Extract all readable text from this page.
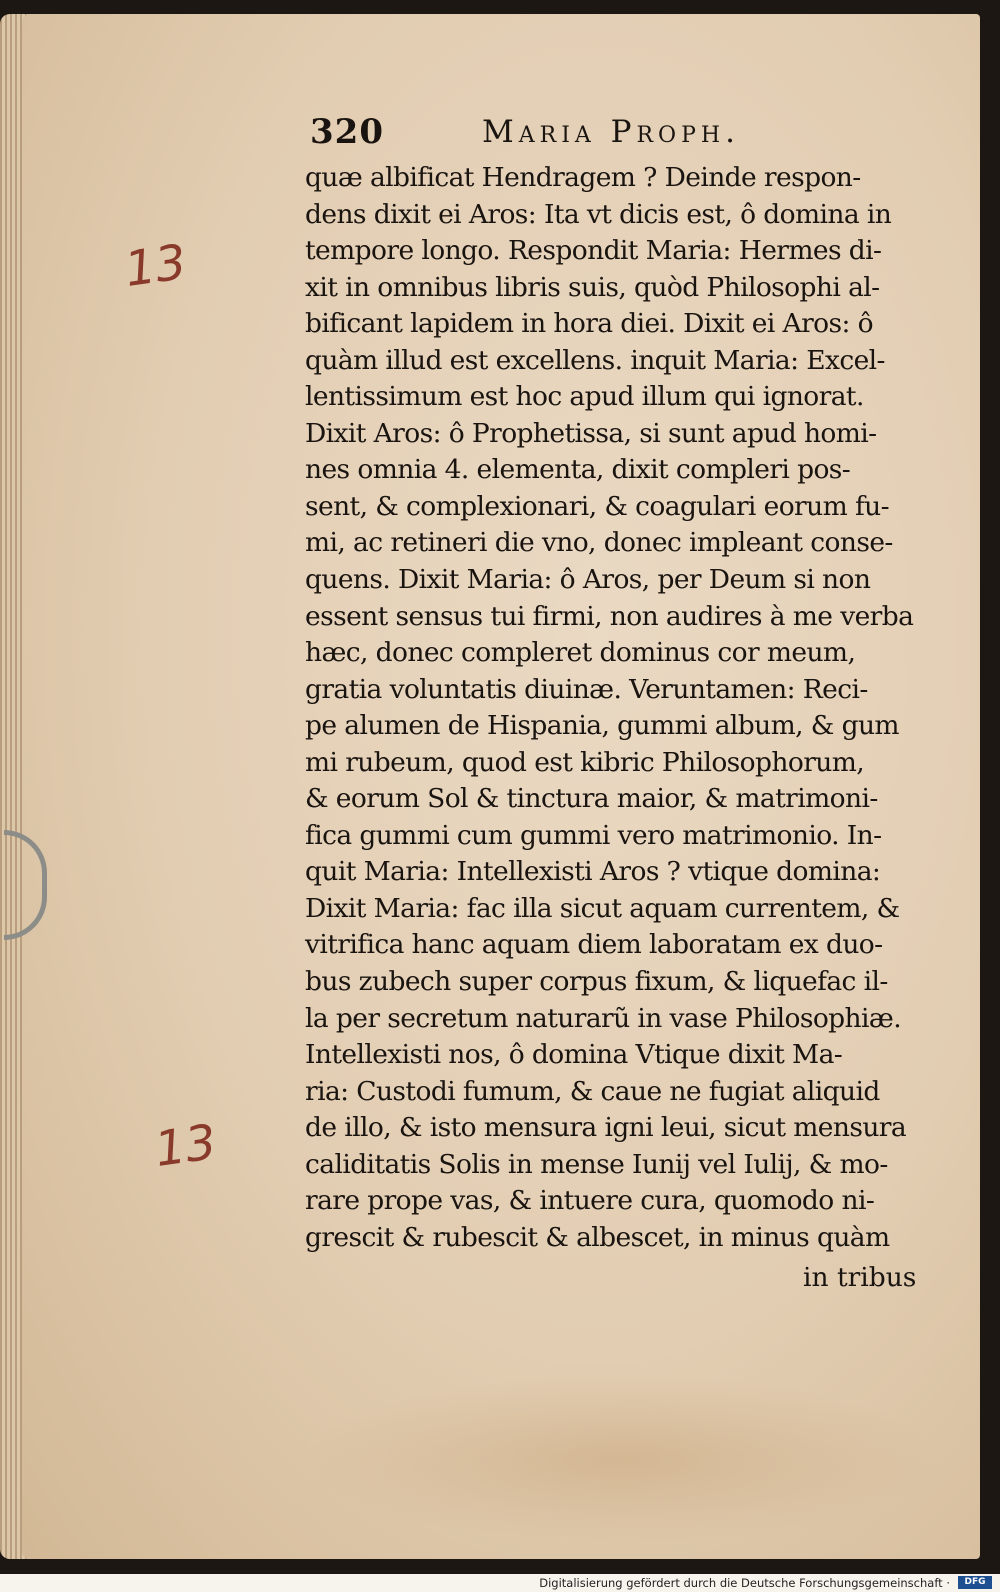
320	Maria Proph.
13
13
quæ albificat Hendragem ? Deinde respon-
dens dixit ei Aros: Ita vt dicis est, ô domina in
tempore longo. Respondit Maria: Hermes di-
xit in omnibus libris suis, quòd Philosophi al-
bificant lapidem in hora diei. Dixit ei Aros: ô
quàm illud est excellens. inquit Maria: Excel-
lentissimum est hoc apud illum qui ignorat.
Dixit Aros: ô Prophetissa, si sunt apud homi-
nes omnia 4. elementa, dixit compleri pos-
sent, & complexionari, & coagulari eorum fu-
mi, ac retineri die vno, donec impleant conse-
quens. Dixit Maria: ô Aros, per Deum si non
essent sensus tui firmi, non audires à me verba
hæc, donec compleret dominus cor meum,
gratia voluntatis diuinæ. Veruntamen: Reci-
pe alumen de Hispania, gummi album, & gum
mi rubeum, quod est kibric Philosophorum,
& eorum Sol & tinctura maior, & matrimoni-
fica gummi cum gummi vero matrimonio. In-
quit Maria: Intellexisti Aros ? vtique domina:
Dixit Maria: fac illa sicut aquam currentem, &
vitrifica hanc aquam diem laboratam ex duo-
bus zubech super corpus fixum, & liquefac il-
la per secretum naturarũ in vase Philosophiæ.
Intellexisti nos, ô domina Vtique dixit Ma-
ria: Custodi fumum, & caue ne fugiat aliquid
de illo, & isto mensura igni leui, sicut mensura
caliditatis Solis in mense Iunij vel Iulij, & mo-
rare prope vas, & intuere cura, quomodo ni-
grescit & rubescit & albescet, in minus quàm
in tribus
Digitalisierung gefördert durch die Deutsche Forschungsgemeinschaft ·	DFG
